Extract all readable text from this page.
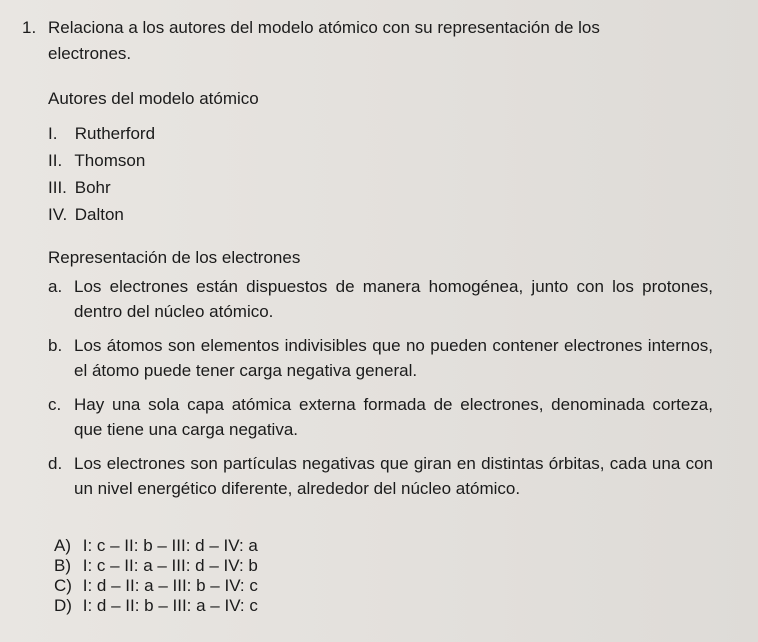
1. Relaciona a los autores del modelo atómico con su representación de los
electrones.
Autores del modelo atómico
I. Rutherford
II. Thomson
III. Bohr
IV. Dalton
Representación de los electrones
a. Los electrones están dispuestos de manera homogénea, junto con los protones, dentro del núcleo atómico.
b. Los átomos son elementos indivisibles que no pueden contener electrones internos, el átomo puede tener carga negativa general.
c. Hay una sola capa atómica externa formada de electrones, denominada corteza, que tiene una carga negativa.
d. Los electrones son partículas negativas que giran en distintas órbitas, cada una con un nivel energético diferente, alrededor del núcleo atómico.
A) I: c – II: b – III: d – IV: a
B) I: c – II: a – III: d – IV: b
C) I: d – II: a – III: b – IV: c
D) I: d – II: b – III: a – IV: c
